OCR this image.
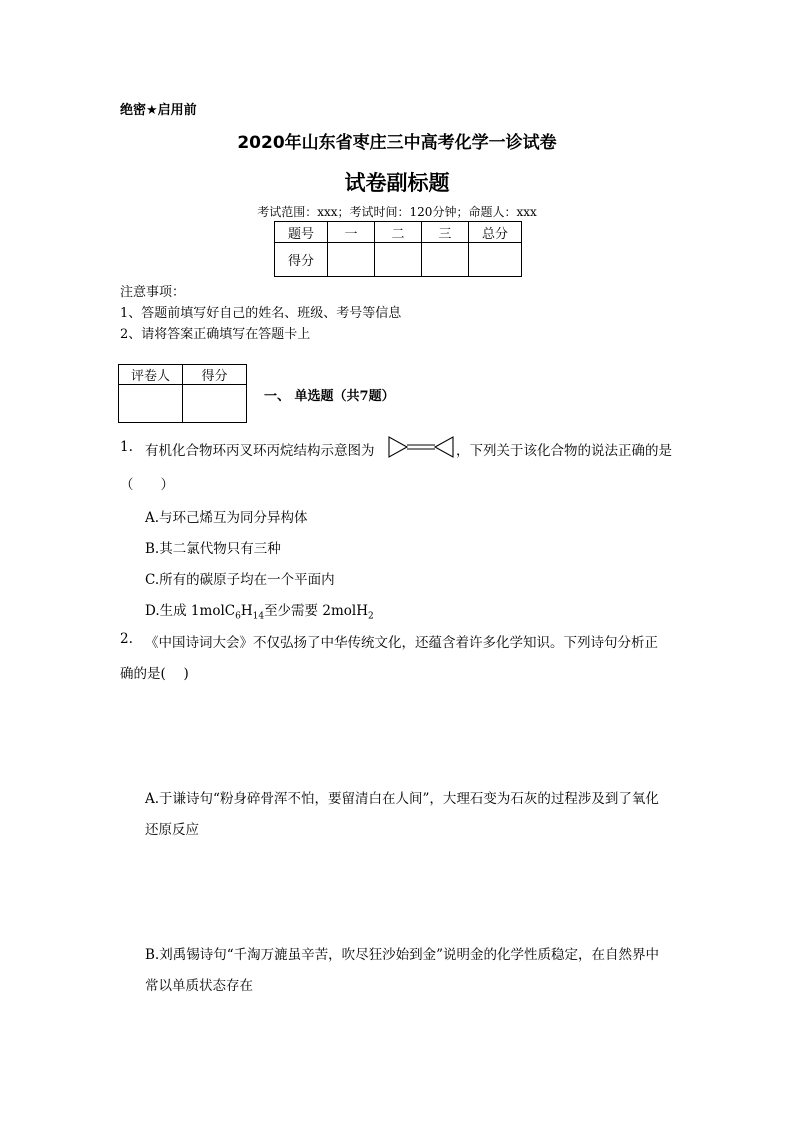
绝密★启用前
2020年山东省枣庄三中高考化学一诊试卷
试卷副标题
考试范围：xxx；考试时间：120分钟；命题人：xxx
题号	一	二	三	总分
得分				
注意事项：
1、答题前填写好自己的姓名、班级、考号等信息
2、请将答案正确填写在答题卡上
评卷人	得分

一、 单选题（共7题）
1. 有机化合物环丙叉环丙烷结构示意图为	，下列关于该化合物的说法正确的是
（　　）
A.与环己烯互为同分异构体
B.其二氯代物只有三种
C.所有的碳原子均在一个平面内
D.生成 $1molC_6H_{14}$至少需要 2molH$_2$
2. 《中国诗词大会》不仅弘扬了中华传统文化，还蕴含着许多化学知识。下列诗句分析正
确的是(　 )
A.于谦诗句“粉身碎骨浑不怕，要留清白在人间”，大理石变为石灰的过程涉及到了氧化
还原反应
B.刘禹锡诗句“千淘万漉虽辛苦，吹尽狂沙始到金”说明金的化学性质稳定，在自然界中
常以单质状态存在
